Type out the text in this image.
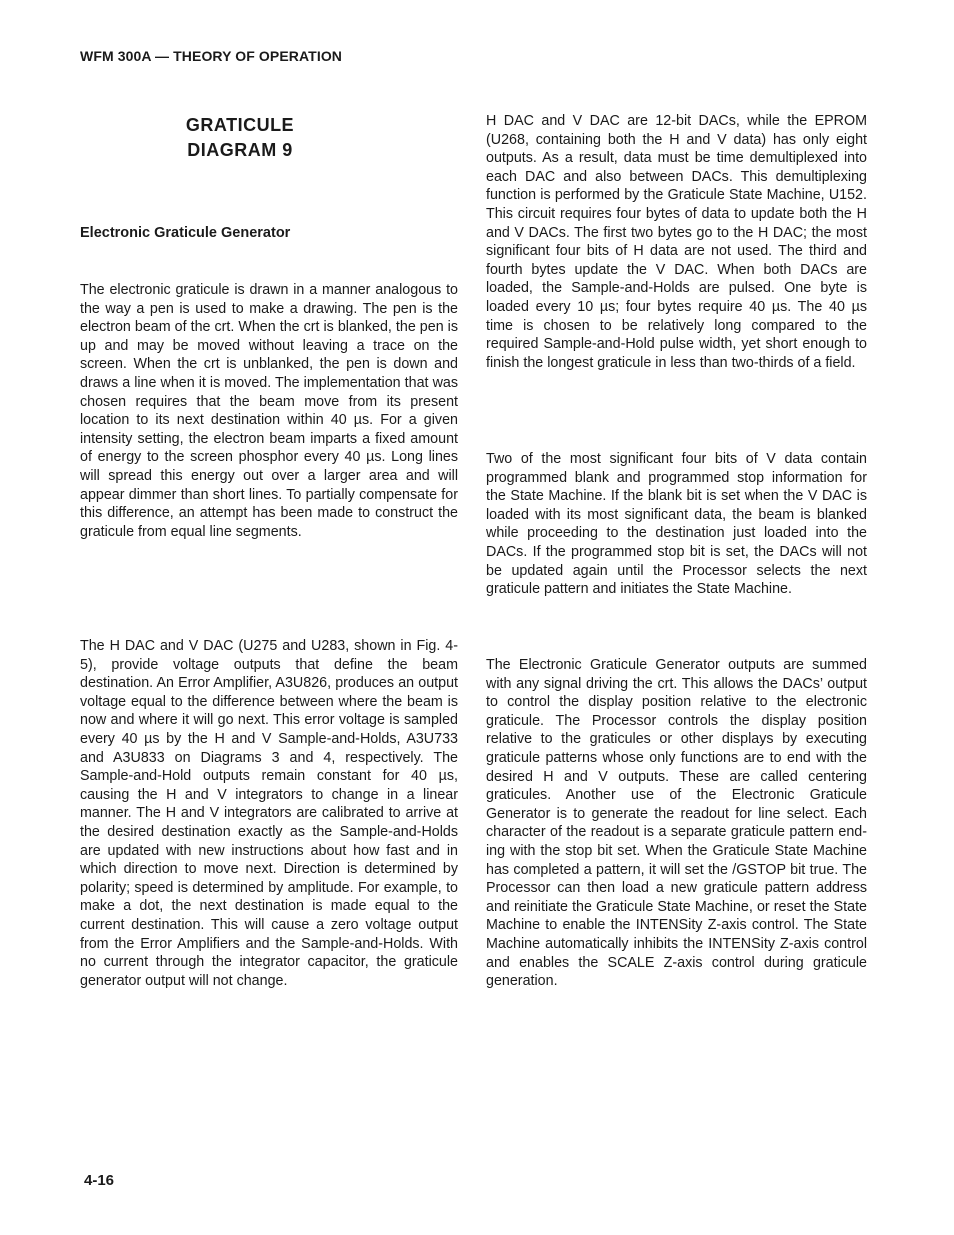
WFM 300A — THEORY OF OPERATION
GRATICULE
DIAGRAM 9
Electronic Graticule Generator

The electronic graticule is drawn in a manner analogous to the way a pen is used to make a drawing. The pen is the electron beam of the crt. When the crt is blanked, the pen is up and may be moved without leaving a trace on the screen. When the crt is unblanked, the pen is down and draws a line when it is moved. The implementation that was chosen requires that the beam move from its present location to its next destination within 40 µs. For a given intensity setting, the electron beam imparts a fixed amount of energy to the screen phosphor every 40 µs. Long lines will spread this energy out over a larger area and will appear dimmer than short lines. To partially compensate for this difference, an attempt has been made to construct the graticule from equal line segments.

The H DAC and V DAC (U275 and U283, shown in Fig. 4-5), provide voltage outputs that define the beam destination. An Error Amplifier, A3U826, produces an output voltage equal to the difference between where the beam is now and where it will go next. This error voltage is sampled every 40 µs by the H and V Sample-and-Holds, A3U733 and A3U833 on Diagrams 3 and 4, respectively. The Sample-and-Hold outputs remain constant for 40 µs, causing the H and V integrators to change in a linear manner. The H and V integrators are calibrated to arrive at the desired destination exactly as the Sample-and-Holds are updated with new instructions about how fast and in which direction to move next. Direction is determined by polarity; speed is determined by amplitude. For example, to make a dot, the next destination is made equal to the current destination. This will cause a zero voltage output from the Error Amplifiers and the Sample-and-Holds. With no current through the integrator capacitor, the graticule generator output will not change.

H DAC and V DAC are 12-bit DACs, while the EPROM (U268, containing both the H and V data) has only eight outputs. As a result, data must be time demultiplexed into each DAC and also between DACs. This demultiplexing function is performed by the Graticule State Machine, U152. This circuit requires four bytes of data to update both the H and V DACs. The first two bytes go to the H DAC; the most significant four bits of H data are not used. The third and fourth bytes update the V DAC. When both DACs are loaded, the Sample-and-Holds are pulsed. One byte is loaded every 10 µs; four bytes require 40 µs. The 40 µs time is chosen to be relatively long compared to the required Sample-and-Hold pulse width, yet short enough to finish the longest graticule in less than two-thirds of a field.

Two of the most significant four bits of V data contain programmed blank and programmed stop information for the State Machine. If the blank bit is set when the V DAC is loaded with its most significant data, the beam is blanked while proceeding to the destination just loaded into the DACs. If the programmed stop bit is set, the DACs will not be updated again until the Processor selects the next graticule pattern and initiates the State Machine.

The Electronic Graticule Generator outputs are summed with any signal driving the crt. This allows the DACs’ output to control the display position relative to the electronic graticule. The Processor controls the display position relative to the graticules or other displays by executing graticule patterns whose only functions are to end with the desired H and V outputs. These are called centering graticules. Another use of the Electronic Graticule Generator is to generate the readout for line select. Each character of the readout is a separate graticule pattern ending with the stop bit set. When the Graticule State Machine has completed a pattern, it will set the /GSTOP bit true. The Processor can then load a new graticule pattern address and reinitiate the Graticule State Machine, or reset the State Machine to enable the INTENSity Z-axis control. The State Machine automatically inhibits the INTENSity Z-axis control and enables the SCALE Z-axis control during graticule generation.

4-16
